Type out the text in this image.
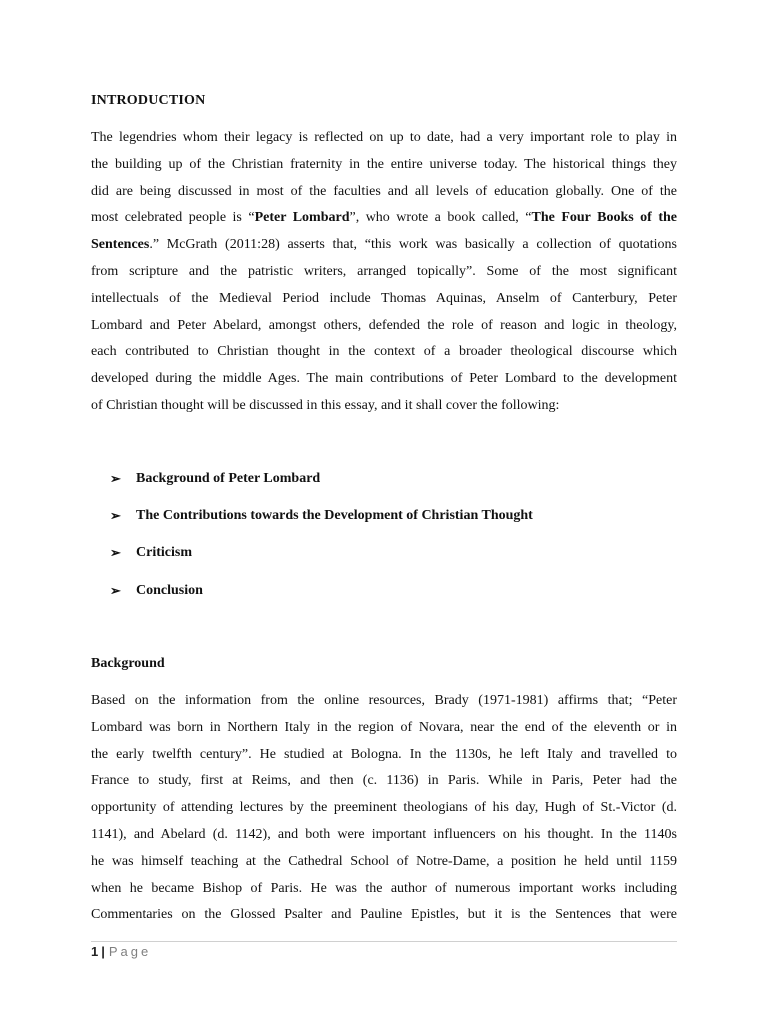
INTRODUCTION
The legendries whom their legacy is reflected on up to date, had a very important role to play in
the building up of the Christian fraternity in the entire universe today. The historical things they
did are being discussed in most of the faculties and all levels of education globally. One of the
most celebrated people is “Peter Lombard”, who wrote a book called, “The Four Books of the
Sentences.” McGrath (2011:28) asserts that, “this work was basically a collection of quotations
from scripture and the patristic writers, arranged topically”. Some of the most significant
intellectuals of the Medieval Period include Thomas Aquinas, Anselm of Canterbury, Peter
Lombard and Peter Abelard, amongst others, defended the role of reason and logic in theology,
each contributed to Christian thought in the context of a broader theological discourse which
developed during the middle Ages. The main contributions of Peter Lombard to the development
of Christian thought will be discussed in this essay, and it shall cover the following:
➢	Background of Peter Lombard
➢	The Contributions towards the Development of Christian Thought
➢	Criticism
➢	Conclusion
Background
Based on the information from the online resources, Brady (1971-1981) affirms that; “Peter
Lombard was born in Northern Italy in the region of Novara, near the end of the eleventh or in
the early twelfth century”. He studied at Bologna. In the 1130s, he left Italy and travelled to
France to study, first at Reims, and then (c. 1136) in Paris. While in Paris, Peter had the
opportunity of attending lectures by the preeminent theologians of his day, Hugh of St.-Victor (d.
1141), and Abelard (d. 1142), and both were important influencers on his thought. In the 1140s
he was himself teaching at the Cathedral School of Notre-Dame, a position he held until 1159
when he became Bishop of Paris. He was the author of numerous important works including
Commentaries on the Glossed Psalter and Pauline Epistles, but it is the Sentences that were
1 | Page
